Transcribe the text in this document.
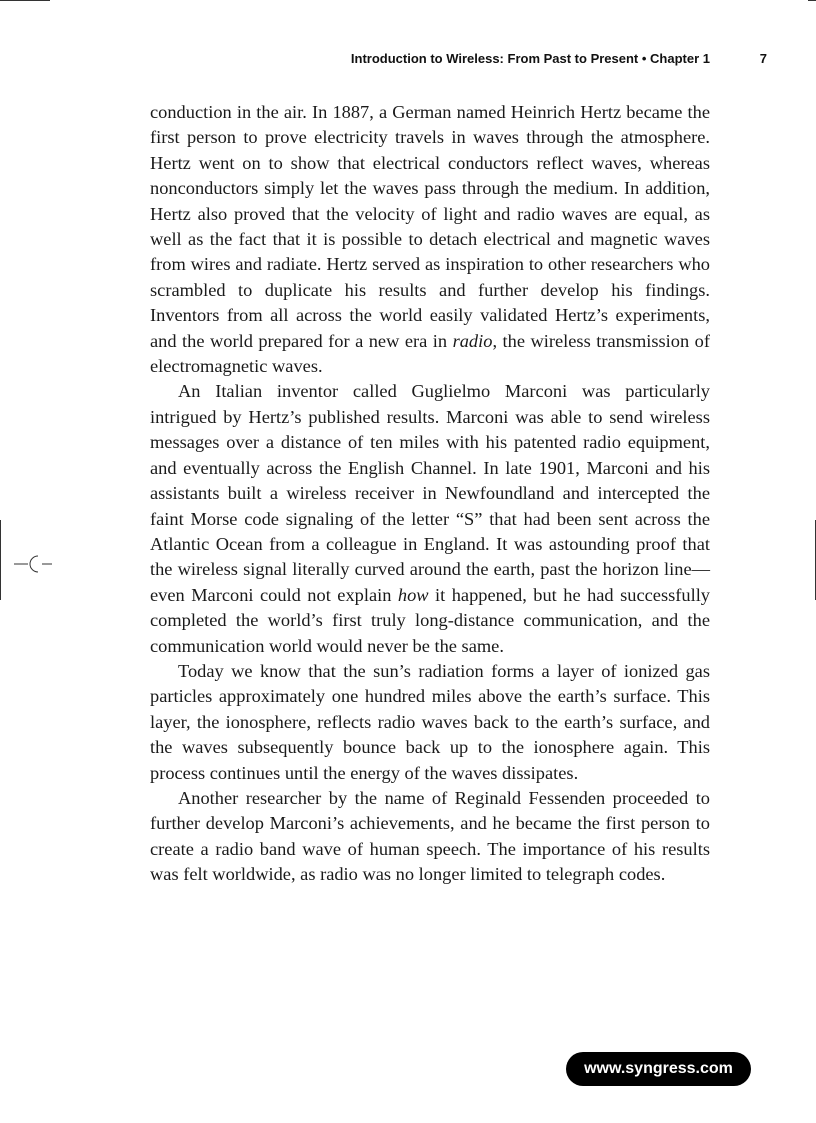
Introduction to Wireless: From Past to Present • Chapter 1	7

conduction in the air. In 1887, a German named Heinrich Hertz became the first person to prove electricity travels in waves through the atmosphere. Hertz went on to show that electrical conductors reflect waves, whereas nonconductors simply let the waves pass through the medium. In addition, Hertz also proved that the velocity of light and radio waves are equal, as well as the fact that it is possible to detach electrical and magnetic waves from wires and radiate. Hertz served as inspiration to other researchers who scrambled to duplicate his results and further develop his findings. Inventors from all across the world easily validated Hertz’s experiments, and the world prepared for a new era in radio, the wireless transmission of electromagnetic waves.

An Italian inventor called Guglielmo Marconi was particularly intrigued by Hertz’s published results. Marconi was able to send wireless messages over a distance of ten miles with his patented radio equipment, and eventually across the English Channel. In late 1901, Marconi and his assistants built a wireless receiver in Newfoundland and intercepted the faint Morse code signaling of the letter “S” that had been sent across the Atlantic Ocean from a colleague in England. It was astounding proof that the wireless signal literally curved around the earth, past the horizon line—even Marconi could not explain how it happened, but he had successfully completed the world’s first truly long-distance communication, and the communication world would never be the same.

Today we know that the sun’s radiation forms a layer of ionized gas particles approximately one hundred miles above the earth’s surface. This layer, the ionosphere, reflects radio waves back to the earth’s surface, and the waves subsequently bounce back up to the ionosphere again. This process continues until the energy of the waves dissipates.

Another researcher by the name of Reginald Fessenden proceeded to further develop Marconi’s achievements, and he became the first person to create a radio band wave of human speech. The importance of his results was felt worldwide, as radio was no longer limited to telegraph codes.

www.syngress.com
